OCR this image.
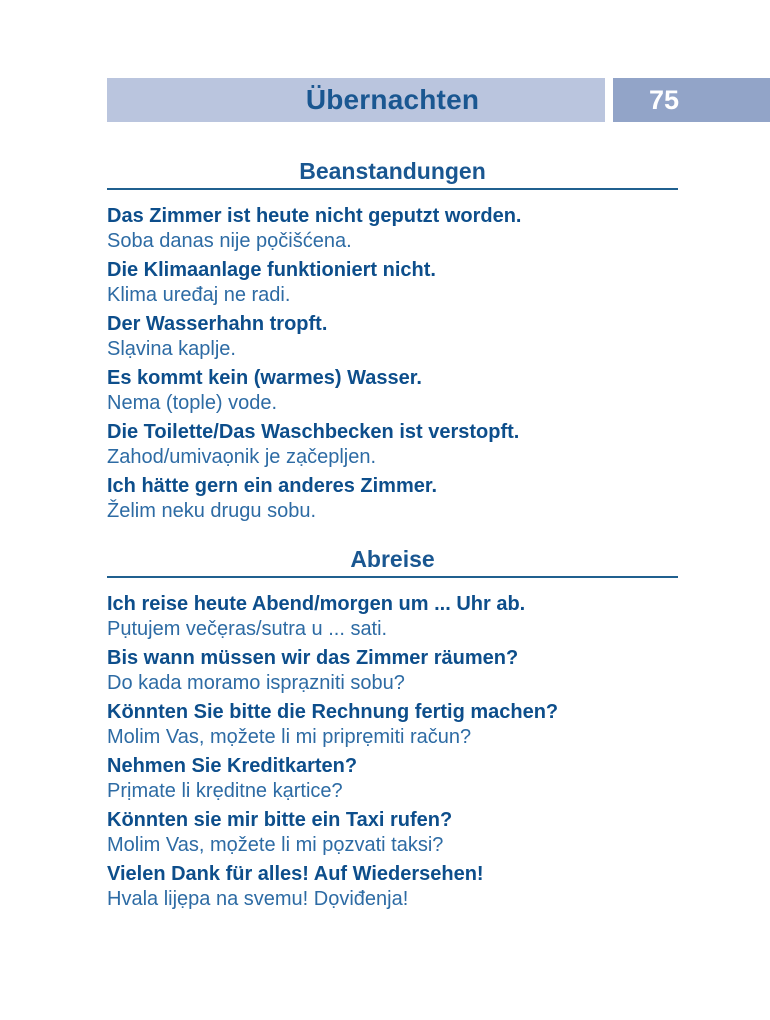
75
Übernachten
Beanstandungen

Das Zimmer ist heute nicht geputzt worden.

Soba danas nije pọčišćena.

Die Klimaanlage funktioniert nicht.

Klima uređaj ne radi.

Der Wasserhahn tropft.

Slạvina kaplje.

Es kommt kein (warmes) Wasser.

Nema (tople) vode.

Die Toilette/Das Waschbecken ist verstopft.

Zahod/umivaọnik je zạčepljen.

Ich hätte gern ein anderes Zimmer.

Želim neku drugu sobu.

Abreise

Ich reise heute Abend/morgen um ... Uhr ab.

Pụtujem večẹras/sutra u ... sati.

Bis wann müssen wir das Zimmer räumen?

Do kada moramo isprạzniti sobu?

Könnten Sie bitte die Rechnung fertig machen?

Molim Vas, mọžete li mi priprẹmiti račun?

Nehmen Sie Kreditkarten?

Prịmate li krẹditne kạrtice?

Könnten sie mir bitte ein Taxi rufen?

Molim Vas, mọžete li mi pọzvati taksi?

Vielen Dank für alles! Auf Wiedersehen!

Hvala lijẹpa na svemu! Dọviđenja!
